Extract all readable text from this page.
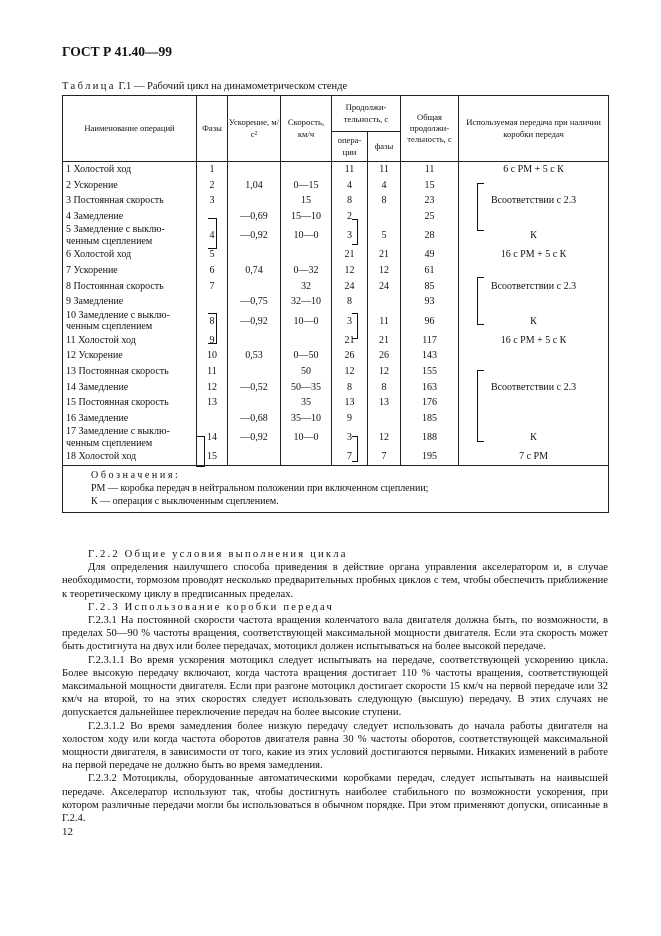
ГОСТ Р 41.40—99
Таблица Г.1 — Рабочий цикл на динамометрическом стенде
Наименование операций	Фазы	Ускорение, м/с²	Скорость, км/ч	Продолжи-тельность, с		Общая продолжи-тельность, с	Используемая передача при наличии коробки передач
				опера-ции	фазы		
1 Холостой ход	1			11	11	11	6 с РМ + 5 с К
2 Ускорение	2	1,04	0—15	4	4	15	
3 Постоянная скорость	3		15	8	8	23	Всоответствии с 2.3
4 Замедление		—0,69	15—10	2		25	
5 Замедление с выклю-ченным сцеплением	4	—0,92	10—0	3	5	28	К
6 Холостой ход	5			21	21	49	16 с РМ + 5 с К
7 Ускорение	6	0,74	0—32	12	12	61	
8 Постоянная скорость	7		32	24	24	85	Всоответствии с 2.3
9 Замедление		—0,75	32—10	8		93	
10 Замедление с выклю-ченным сцеплением	8	—0,92	10—0	3	11	96	К
11 Холостой ход	9			21	21	117	16 с РМ + 5 с К
12 Ускорение	10	0,53	0—50	26	26	143	
13 Постоянная скорость	11		50	12	12	155	
14 Замедление	12	—0,52	50—35	8	8	163	Всоответствии с 2.3
15 Постоянная скорость	13		35	13	13	176	
16 Замедление		—0,68	35—10	9		185	
17 Замедление с выклю-ченным сцеплением	14	—0,92	10—0	3	12	188	К
18 Холостой ход	15			7	7	195	7 с РМ

Обозначения:
РМ — коробка передач в нейтральном положении при включенном сцеплении;
К — операция с выключенным сцеплением.							

Г.2.2 Общие условия выполнения цикла

Для определения наилучшего способа приведения в действие органа управления акселератором и, в случае необходимости, тормозом проводят несколько предварительных пробных циклов с тем, чтобы обеспечить приближение к теоретическому циклу в предписанных пределах.

Г.2.3 Использование коробки передач

Г.2.3.1 На постоянной скорости частота вращения коленчатого вала двигателя должна быть, по возможности, в пределах 50—90 % частоты вращения, соответствующей максимальной мощности двигателя. Если эта скорость может быть достигнута на двух или более передачах, мотоцикл должен испытываться на более высокой передаче.

Г.2.3.1.1 Во время ускорения мотоцикл следует испытывать на передаче, соответствующей ускорению цикла. Более высокую передачу включают, когда частота вращения достигает 110 % частоты вращения, соответствующей максимальной мощности двигателя. Если при разгоне мотоцикл достигает скорости 15 км/ч на первой передаче или 32 км/ч на второй, то на этих скоростях следует использовать следующую (высшую) передачу. В этих случаях не допускается дальнейшее переключение передач на более высокие ступени.

Г.2.3.1.2 Во время замедления более низкую передачу следует использовать до начала работы двигателя на холостом ходу или когда частота оборотов двигателя равна 30 % частоты оборотов, соответствующей максимальной мощности двигателя, в зависимости от того, какие из этих условий достигаются первыми. Никаких изменений в работе на первой передаче не должно быть во время замедления.

Г.2.3.2 Мотоциклы, оборудованные автоматическими коробками передач, следует испытывать на наивысшей передаче. Акселератор используют так, чтобы достигнуть наиболее стабильного по возможности ускорения, при котором различные передачи могли бы использоваться в обычном порядке. При этом применяют допуски, описанные в Г.2.4.

12
